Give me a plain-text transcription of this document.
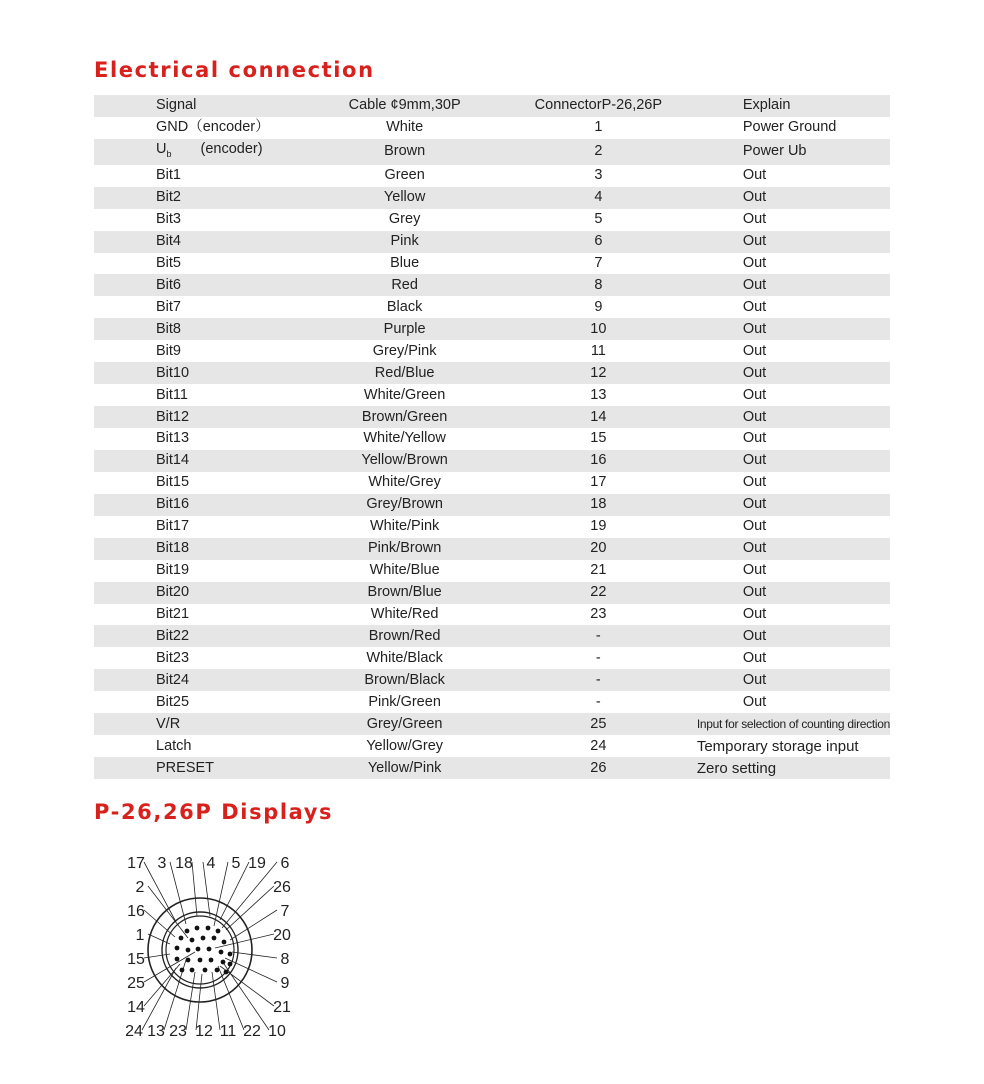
Electrical connection
Signal	Cable ¢9mm,30P	ConnectorP-26,26P	Explain
GND（encoder）	White	1	Power Ground
$U_b$　　(encoder)	Brown	2	Power Ub
Bit1	Green	3	Out
Bit2	Yellow	4	Out
Bit3	Grey	5	Out
Bit4	Pink	6	Out
Bit5	Blue	7	Out
Bit6	Red	8	Out
Bit7	Black	9	Out
Bit8	Purple	10	Out
Bit9	Grey/Pink	11	Out
Bit10	Red/Blue	12	Out
Bit11	White/Green	13	Out
Bit12	Brown/Green	14	Out
Bit13	White/Yellow	15	Out
Bit14	Yellow/Brown	16	Out
Bit15	White/Grey	17	Out
Bit16	Grey/Brown	18	Out
Bit17	White/Pink	19	Out
Bit18	Pink/Brown	20	Out
Bit19	White/Blue	21	Out
Bit20	Brown/Blue	22	Out
Bit21	White/Red	23	Out
Bit22	Brown/Red	-	Out
Bit23	White/Black	-	Out
Bit24	Brown/Black	-	Out
Bit25	Pink/Green	-	Out
V/R	Grey/Green	25	Input for selection of counting direction
Latch	Yellow/Grey	24	Temporary storage input
PRESET	Yellow/Pink	26	Zero setting
P-26,26P Displays
17 3 18 4 5 19 6
2	26
16	7
1	20
15	8
25	9
14	21
24 13 23 12 11 22 10
